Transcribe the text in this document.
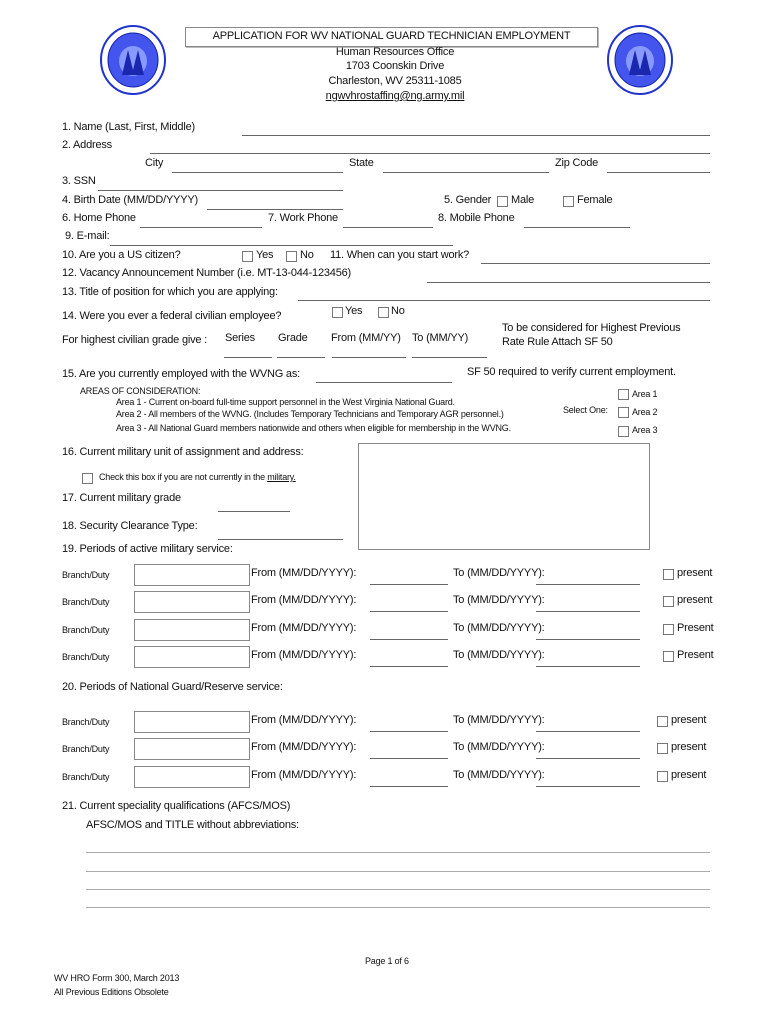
APPLICATION FOR WV NATIONAL GUARD TECHNICIAN EMPLOYMENT
Human Resources Office
1703 Coonskin Drive
Charleston, WV 25311-1085
ngwvhrostaffing@ng.army.mil
1. Name (Last, First, Middle)
2. Address
City	State	Zip Code
3. SSN
4. Birth Date (MM/DD/YYYY)	5. Gender Male	Female
6. Home Phone	7. Work Phone	8. Mobile Phone
9. E-mail:
10. Are you a US citizen?	Yes No 11. When can you start work?
12. Vacancy Announcement Number (i.e. MT-13-044-123456)
13. Title of position for which you are applying:
14. Were you ever a federal civilian employee?	Yes	No
For highest civilian grade give : Series Grade From (MM/YY) To (MM/YY)
To be considered for Highest Previous
Rate Rule Attach SF 50
15. Are you currently employed with the WVNG as:	SF 50 required to verify current employment.
AREAS OF CONSIDERATION:
Area 1 - Current on-board full-time support personnel in the West Virginia National Guard.
Area 2 - All members of the WVNG. (Includes Temporary Technicians and Temporary AGR personnel.)
Area 3 - All National Guard members nationwide and others when eligible for membership in the WVNG.
Select One:
Area 1
Area 2
Area 3
16. Current military unit of assignment and address:
Check this box if you are not currently in the military.
17. Current military grade
18. Security Clearance Type:
19. Periods of active military service:
Branch/Duty	From (MM/DD/YYYY):	To (MM/DD/YYYY):	present
Branch/Duty	From (MM/DD/YYYY):	To (MM/DD/YYYY):	present
Branch/Duty	From (MM/DD/YYYY):	To (MM/DD/YYYY):	Present
Branch/Duty	From (MM/DD/YYYY):	To (MM/DD/YYYY):	Present
20. Periods of National Guard/Reserve service:
Branch/Duty	From (MM/DD/YYYY):	To (MM/DD/YYYY):	present
Branch/Duty	From (MM/DD/YYYY):	To (MM/DD/YYYY):	present
Branch/Duty	From (MM/DD/YYYY):	To (MM/DD/YYYY):	present
21. Current speciality qualifications (AFCS/MOS)
AFSC/MOS and TITLE without abbreviations:
Page 1 of 6
WV HRO Form 300, March 2013
All Previous Editions Obsolete
